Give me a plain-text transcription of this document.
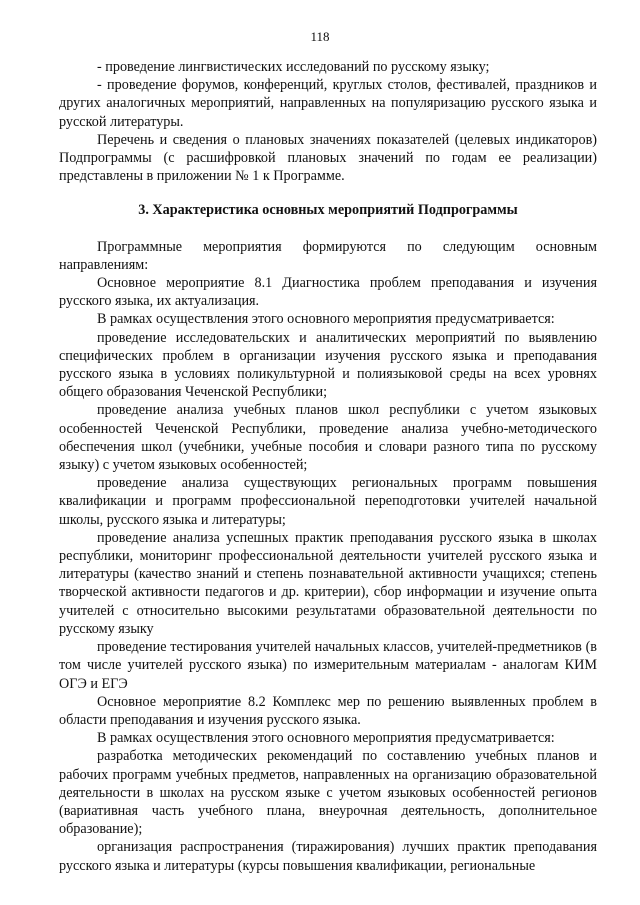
118

- проведение лингвистических исследований по русскому языку;

- проведение форумов, конференций, круглых столов, фестивалей, праздников и других аналогичных мероприятий, направленных на популяризацию русского языка и русской литературы.

Перечень и сведения о плановых значениях показателей (целевых индикаторов) Подпрограммы (с расшифровкой плановых значений по годам ее реализации) представлены в приложении № 1 к Программе.

3. Характеристика основных мероприятий Подпрограммы

Программные мероприятия формируются по следующим основным направлениям:

Основное мероприятие 8.1 Диагностика проблем преподавания и изучения русского языка, их актуализация.

В рамках осуществления этого основного мероприятия предусматривается:

проведение исследовательских и аналитических мероприятий по выявлению специфических проблем в организации изучения русского языка и преподавания русского языка в условиях поликультурной и полиязыковой среды на всех уровнях общего образования Чеченской Республики;

проведение анализа учебных планов школ республики с учетом языковых особенностей Чеченской Республики, проведение анализа учебно-методического обеспечения школ (учебники, учебные пособия и словари разного типа по русскому языку) с учетом языковых особенностей;

проведение анализа существующих региональных программ повышения квалификации и программ профессиональной переподготовки учителей начальной школы, русского языка и литературы;

проведение анализа успешных практик преподавания русского языка в школах республики, мониторинг профессиональной деятельности учителей русского языка и литературы (качество знаний и степень познавательной активности учащихся; степень творческой активности педагогов и др. критерии), сбор информации и изучение опыта учителей с относительно высокими результатами образовательной деятельности по русскому языку

проведение тестирования учителей начальных классов, учителей-предметников (в том числе учителей русского языка) по измерительным материалам - аналогам КИМ ОГЭ и ЕГЭ

Основное мероприятие 8.2 Комплекс мер по решению выявленных проблем в области преподавания и изучения русского языка.

В рамках осуществления этого основного мероприятия предусматривается:

разработка методических рекомендаций по составлению учебных планов и рабочих программ учебных предметов, направленных на организацию образовательной деятельности в школах на русском языке с учетом языковых особенностей регионов (вариативная часть учебного плана, внеурочная деятельность, дополнительное образование);

организация распространения (тиражирования) лучших практик преподавания русского языка и литературы (курсы повышения квалификации, региональные
